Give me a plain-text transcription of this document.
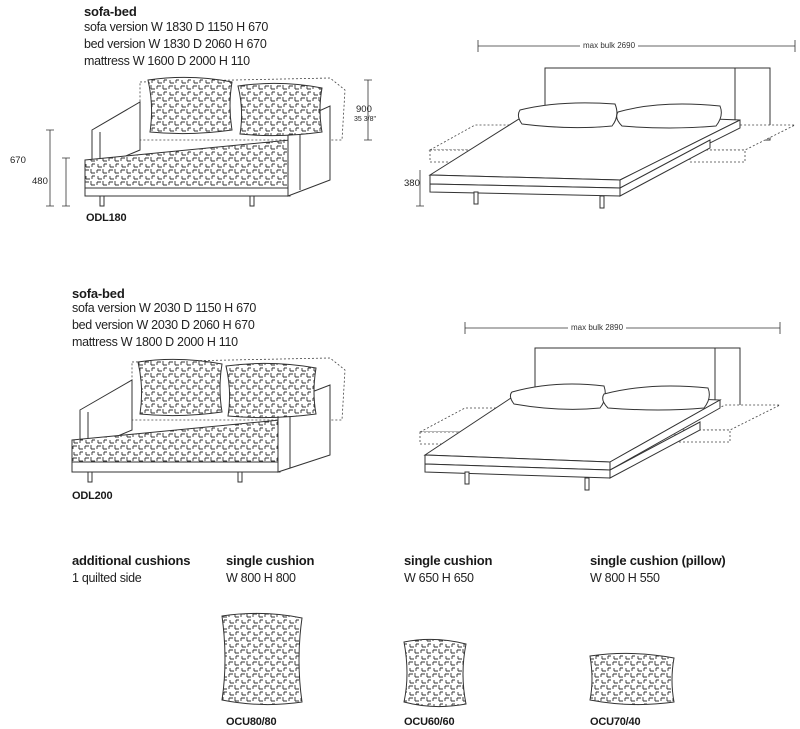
sofa-bed
sofa version W 1830 D 1150 H 670
bed version W 1830 D 2060 H 670
mattress W 1600 D 2000 H 110
ODL180
670
480
900
35 3/8"
380
max bulk 2690
sofa-bed
sofa version W 2030 D 1150 H 670
bed version W 2030 D 2060 H 670
mattress W 1800 D 2000 H 110
ODL200
max bulk 2890
additional cushions
1 quilted side
single cushion
W 800 H 800
OCU80/80
single cushion
W 650 H 650
OCU60/60
single cushion (pillow)
W 800 H 550
OCU70/40
